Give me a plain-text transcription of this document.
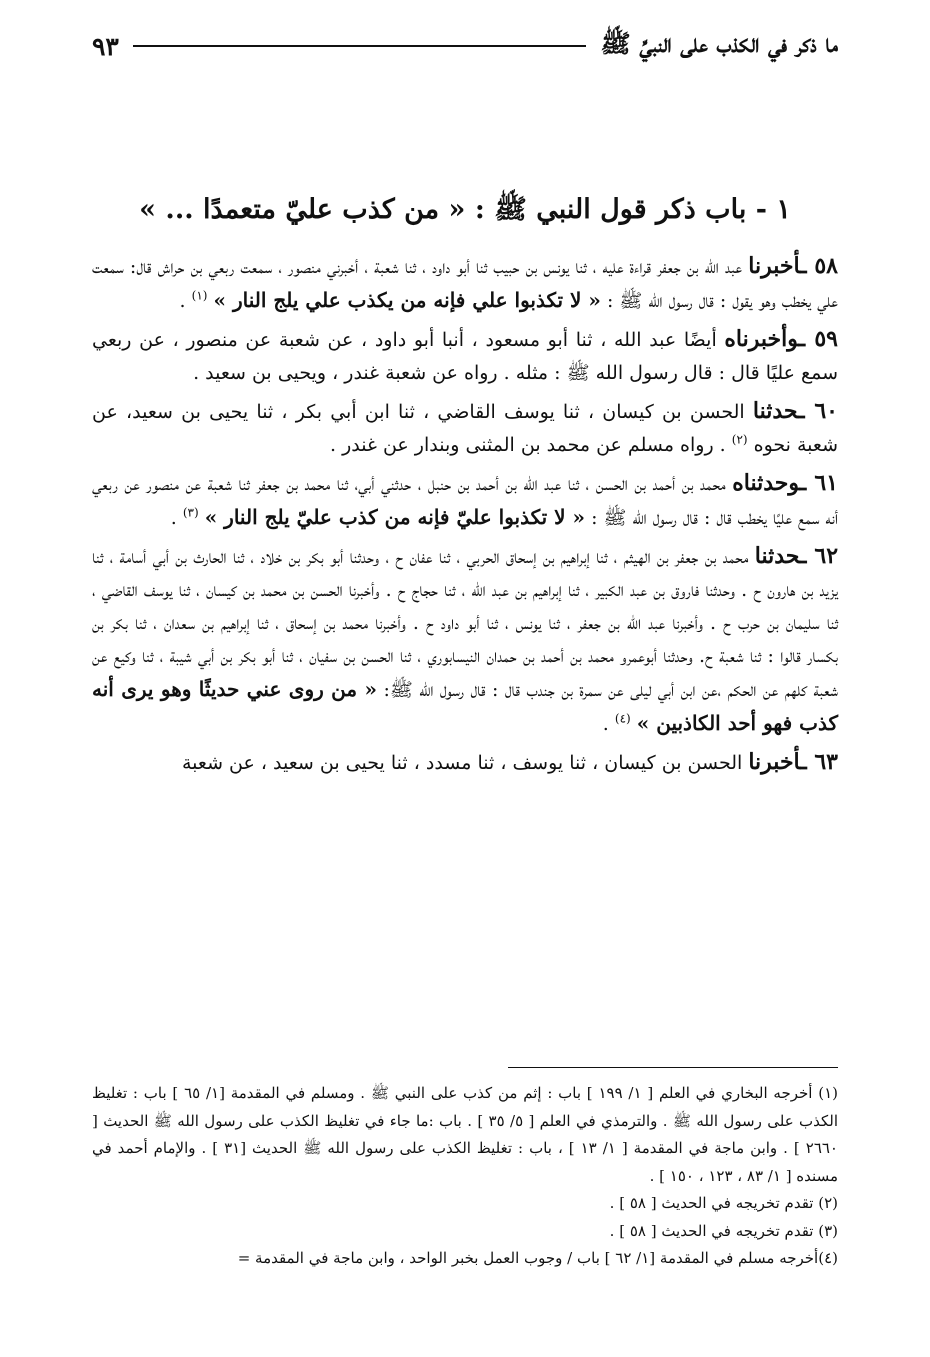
ما ذكر في الكذب على النبيِّ ﷺ
٩٣
١ - باب ذكر قول النبي ﷺ : « من كذب عليّ متعمدًا ... »

٥٨ ـأخبرنا عبد الله بن جعفر قراءة عليه ، ثنا يونس بن حبيب ثنا أبو داود ، ثنا شعبة ، أخبرني منصور ، سمعت ربعي بن حراش قال: سمعت علي يخطب وهو يقول : قال رسول الله ﷺ : « لا تكذبوا علي فإنه من يكذب علي يلج النار » $^{(١)}$ .

٥٩ ـوأخبرناه أيضًا عبد الله ، ثنا أبو مسعود ، أنبا أبو داود ، عن شعبة عن منصور ، عن ربعي سمع عليًا قال : قال رسول الله ﷺ : مثله . رواه عن شعبة غندر ، ويحيى بن سعيد .

٦٠ ـحدثنا الحسن بن كيسان ، ثنا يوسف القاضي ، ثنا ابن أبي بكر ، ثنا يحيى بن سعيد، عن شعبة نحوه $^{(٢)}$ . رواه مسلم عن محمد بن المثنى وبندار عن غندر .

٦١ ـوحدثناه محمد بن أحمد بن الحسن ، ثنا عبد الله بن أحمد بن حنبل ، حدثني أبي، ثنا محمد بن جعفر ثنا شعبة عن منصور عن ربعي أنه سمع عليًا يخطب قال : قال رسول الله ﷺ : « لا تكذبوا عليّ فإنه من كذب عليّ يلج النار » $^{(٣)}$ .

٦٢ ـحدثنا محمد بن جعفر بن الهيثم ، ثنا إبراهيم بن إسحاق الحربي ، ثنا عفان ح ، وحدثنا أبو بكر بن خلاد ، ثنا الحارث بن أبي أسامة ، ثنا يزيد بن هارون ح . وحدثنا فاروق بن عبد الكبير ، ثنا إبراهيم بن عبد الله ، ثنا حجاج ح . وأخبرنا الحسن بن محمد بن كيسان ، ثنا يوسف القاضي ، ثنا سليمان بن حرب ح . وأخبرنا عبد الله بن جعفر ، ثنا يونس ، ثنا أبو داود ح . وأخبرنا محمد بن إسحاق ، ثنا إبراهيم بن سعدان ، ثنا بكر بن بكسار قالوا : ثنا شعبة ح. وحدثنا أبوعمرو محمد بن أحمد بن حمدان النيسابوري ، ثنا الحسن بن سفيان ، ثنا أبو بكر بن أبي شيبة ، ثنا وكيع عن شعبة كلهم عن الحكم ،عن ابن أبي ليلى عن سمرة بن جندب قال : قال رسول الله ﷺ: « من روى عني حديثًا وهو يرى أنه كذب فهو أحد الكاذبين » $^{(٤)}$ .

٦٣ ـأخبرنا الحسن بن كيسان ، ثنا يوسف ، ثنا مسدد ، ثنا يحيى بن سعيد ، عن شعبة

(١) أخرجه البخاري في العلم [ ١/ ١٩٩ ] باب : إثم من كذب على النبي ﷺ . ومسلم في المقدمة [١/ ٦٥ ] باب : تغليظ الكذب على رسول الله ﷺ . والترمذي في العلم [ ٥/ ٣٥ ] . باب :ما جاء في تغليظ الكذب على رسول الله ﷺ الحديث [ ٢٦٦٠ ] . وابن ماجة في المقدمة [ ١/ ١٣ ] ، باب : تغليظ الكذب على رسول الله ﷺ الحديث [٣١ ] . والإمام أحمد في مسنده [ ١/ ٨٣ ، ١٢٣ ، ١٥٠ ] .

(٢) تقدم تخريجه في الحديث [ ٥٨ ] .

(٣) تقدم تخريجه في الحديث [ ٥٨ ] .

(٤)أخرجه مسلم في المقدمة [١/ ٦٢ ] باب / وجوب العمل بخبر الواحد ، وابن ماجة في المقدمة =
